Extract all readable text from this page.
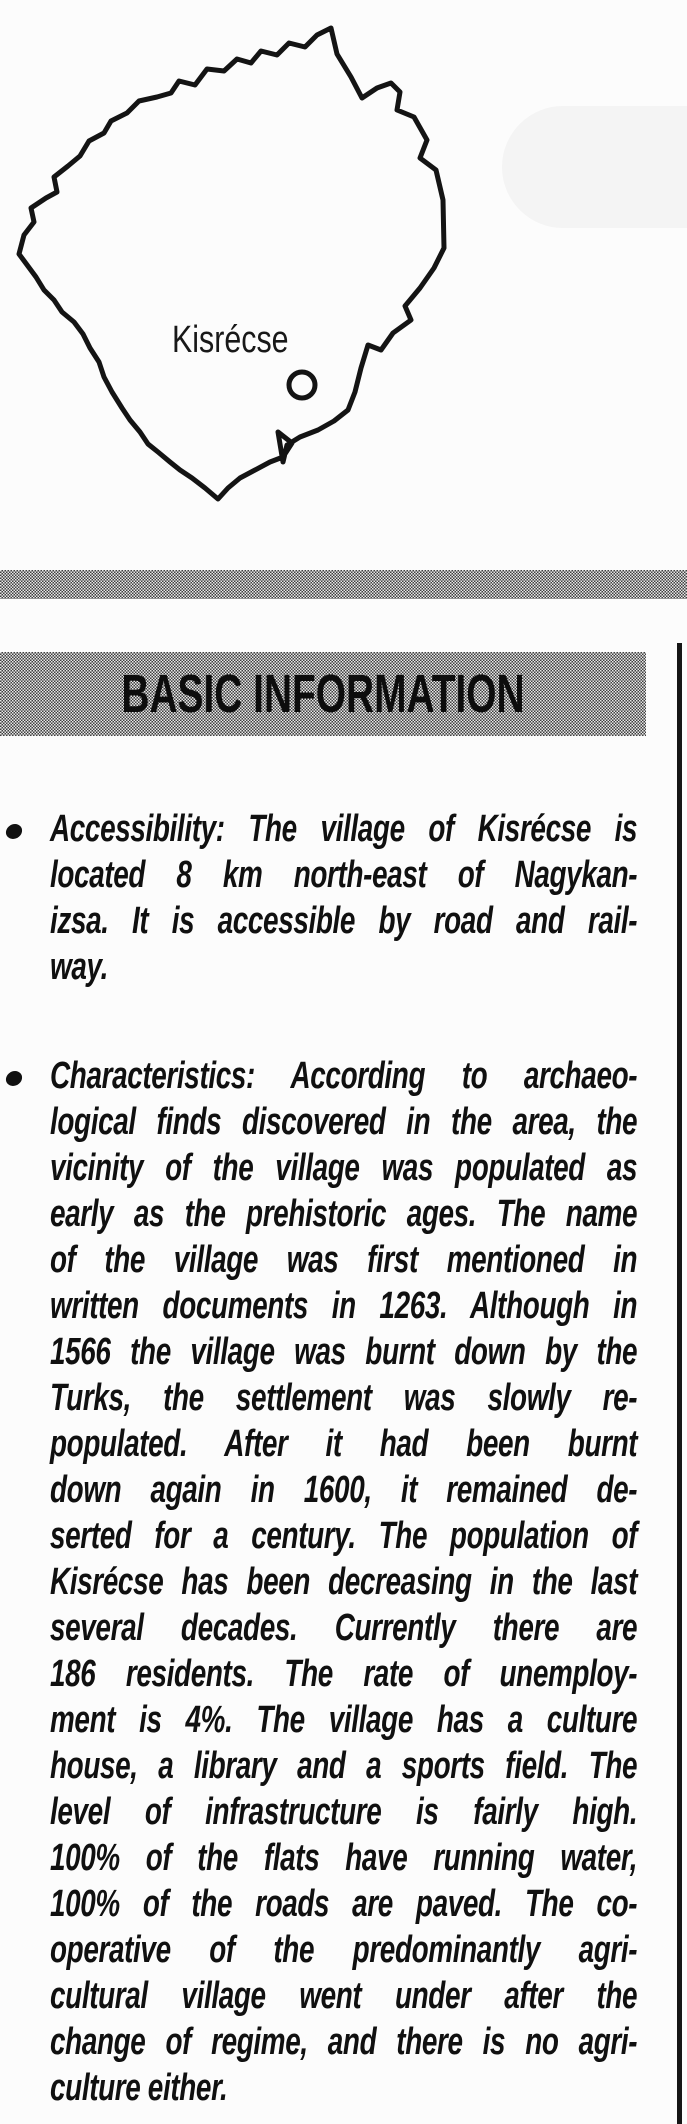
Kisrécse
BASIC INFORMATION
Accessibility: The village of Kisrécse is
located 8 km north-east of Nagykan-
izsa. It is accessible by road and rail-
way.
Characteristics: According to archaeo-
logical finds discovered in the area, the
vicinity of the village was populated as
early as the prehistoric ages. The name
of the village was first mentioned in
written documents in 1263. Although in
1566 the village was burnt down by the
Turks, the settlement was slowly re-
populated. After it had been burnt
down again in 1600, it remained de-
serted for a century. The population of
Kisrécse has been decreasing in the last
several decades. Currently there are
186 residents. The rate of unemploy-
ment is 4%. The village has a culture
house, a library and a sports field. The
level of infrastructure is fairly high.
100% of the flats have running water,
100% of the roads are paved. The co-
operative of the predominantly agri-
cultural village went under after the
change of regime, and there is no agri-
culture either.
